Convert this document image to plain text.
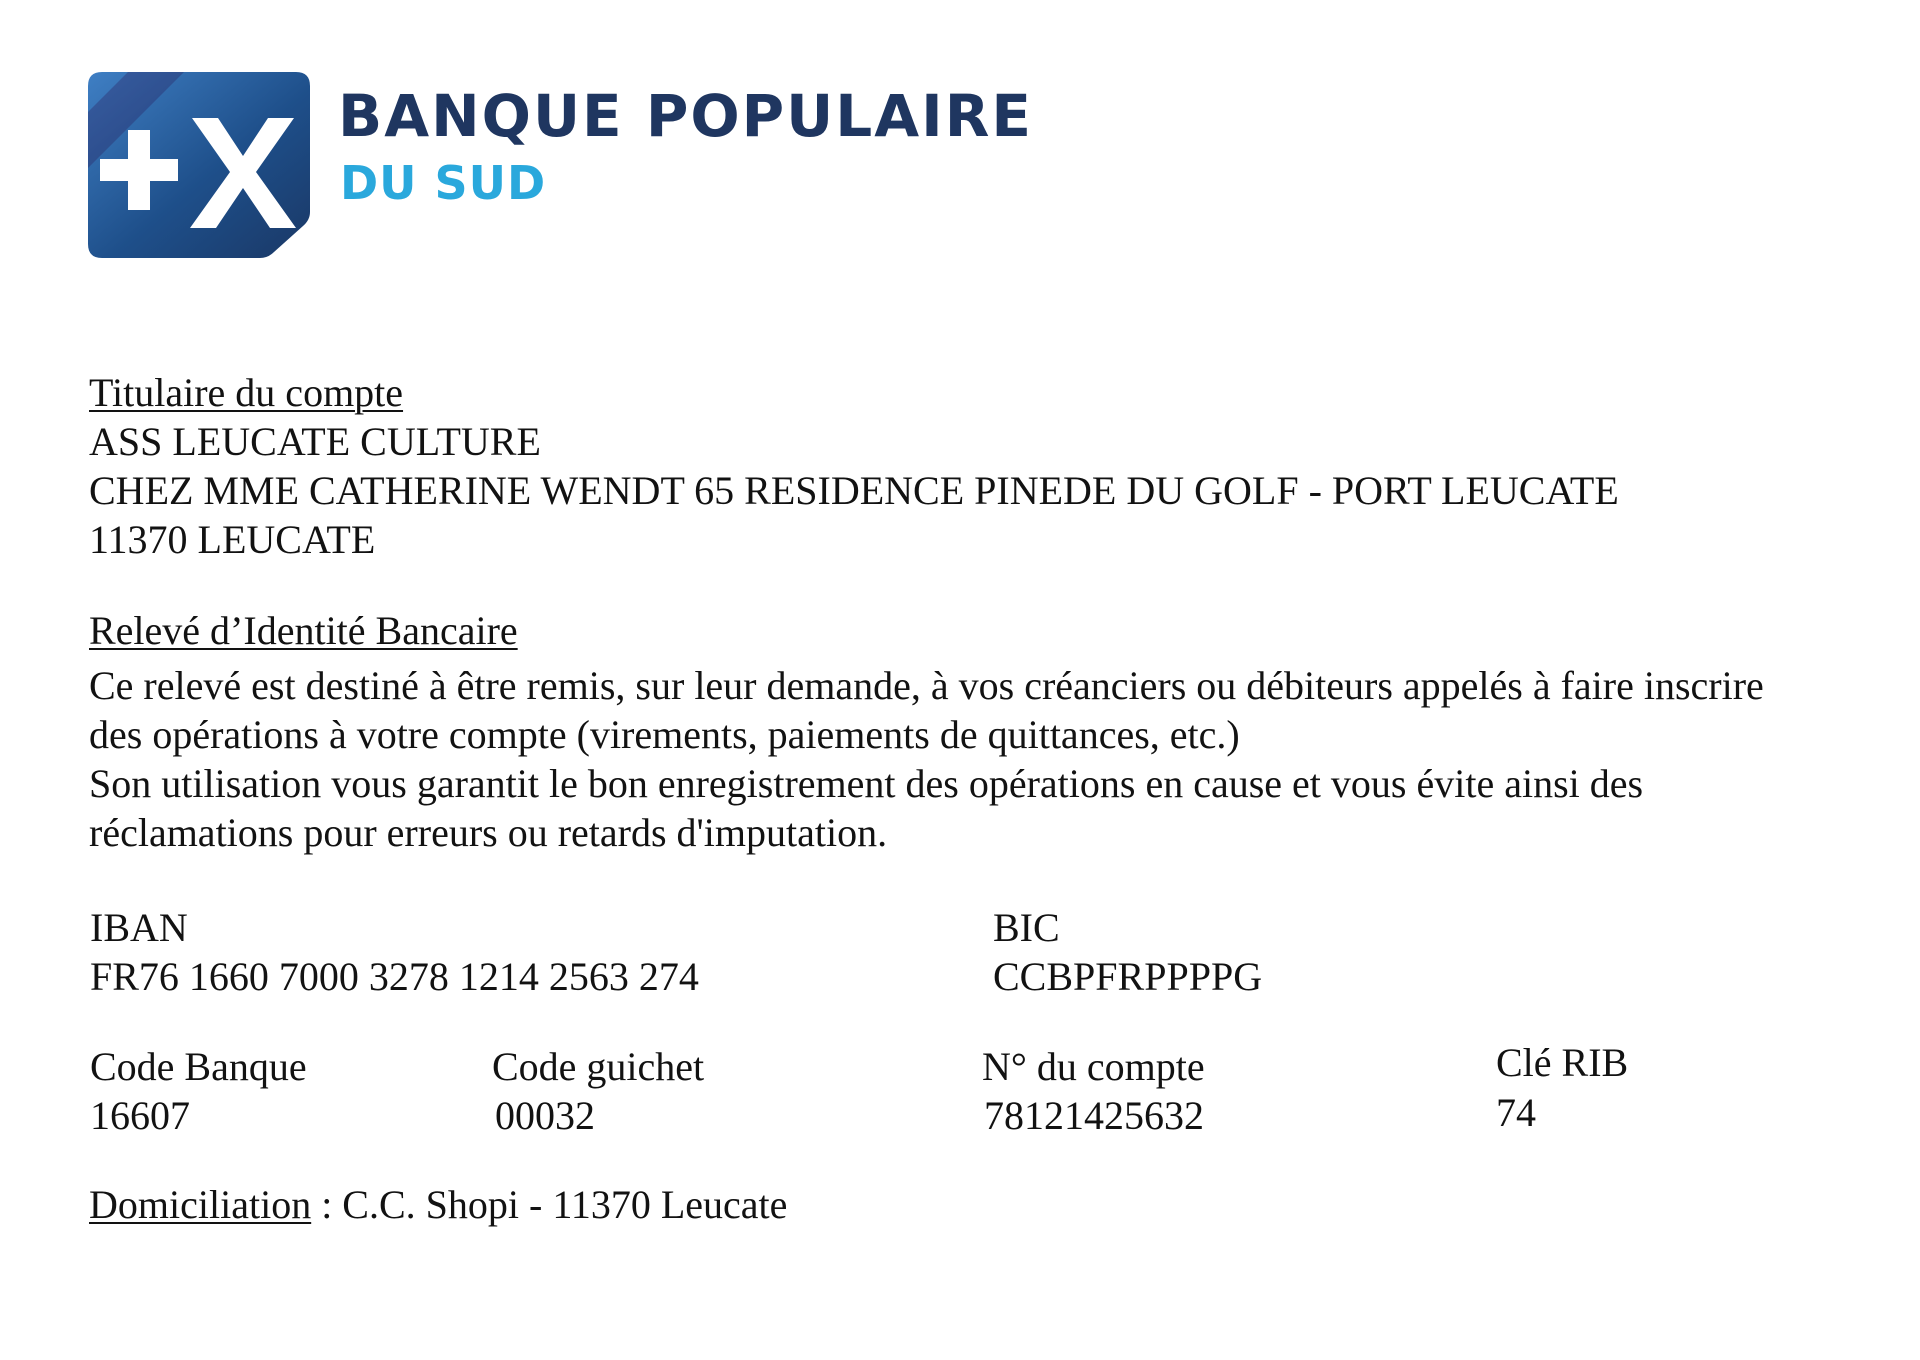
BANQUE POPULAIRE
DU SUD
Titulaire du compte
ASS LEUCATE CULTURE
CHEZ MME CATHERINE WENDT 65 RESIDENCE PINEDE DU GOLF - PORT LEUCATE
11370 LEUCATE
Relevé d’Identité Bancaire
Ce relevé est destiné à être remis, sur leur demande, à vos créanciers ou débiteurs appelés à faire inscrire
des opérations à votre compte (virements, paiements de quittances, etc.)
Son utilisation vous garantit le bon enregistrement des opérations en cause et vous évite ainsi des
réclamations pour erreurs ou retards d'imputation.
IBAN
FR76 1660 7000 3278 1214 2563 274
BIC
CCBPFRPPPPG
Code Banque
16607
Code guichet
00032
N° du compte
78121425632
Clé RIB
74
Domiciliation : C.C. Shopi - 11370 Leucate
